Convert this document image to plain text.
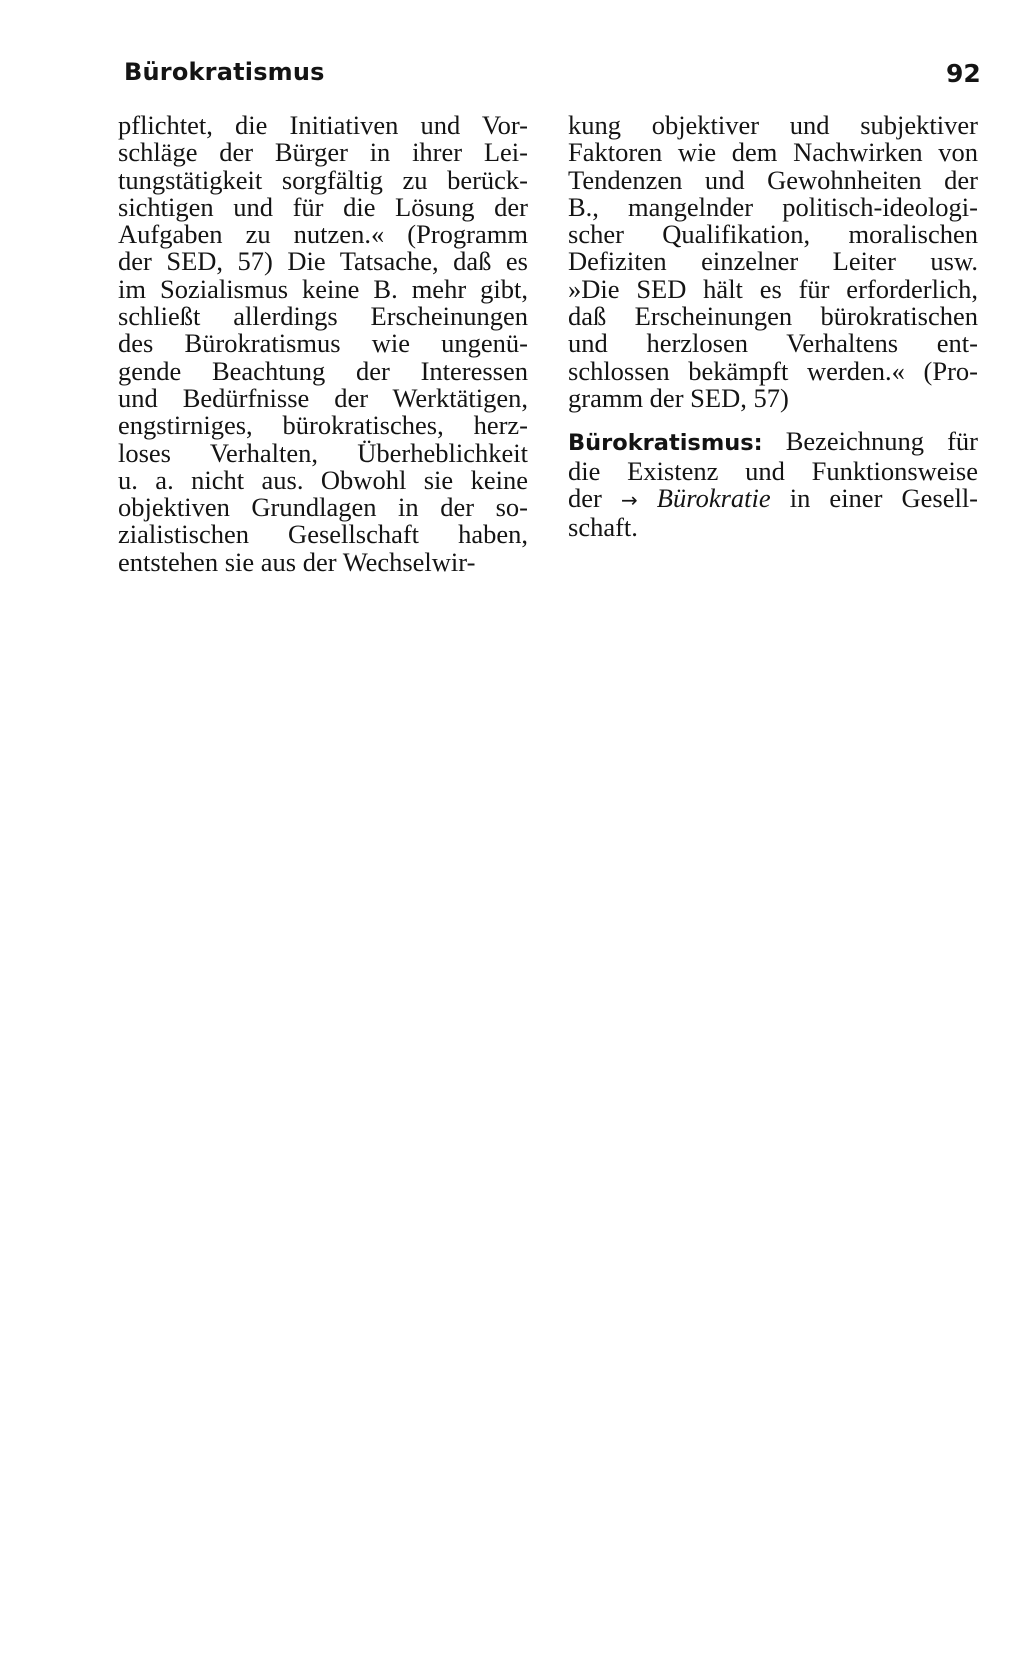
Bürokratismus	92
pflichtet, die Initiativen und Vor-
schläge der Bürger in ihrer Lei-
tungstätigkeit sorgfältig zu berück-
sichtigen und für die Lösung der
Aufgaben zu nutzen.« (Programm
der SED, 57) Die Tatsache, daß es
im Sozialismus keine B. mehr gibt,
schließt allerdings Erscheinungen
des Bürokratismus wie ungenü-
gende Beachtung der Interessen
und Bedürfnisse der Werktätigen,
engstirniges, bürokratisches, herz-
loses Verhalten, Überheblichkeit
u. a. nicht aus. Obwohl sie keine
objektiven Grundlagen in der so-
zialistischen Gesellschaft haben,
entstehen sie aus der Wechselwir-
kung objektiver und subjektiver
Faktoren wie dem Nachwirken von
Tendenzen und Gewohnheiten der
B., mangelnder politisch-ideologi-
scher Qualifikation, moralischen
Defiziten einzelner Leiter usw.
»Die SED hält es für erforderlich,
daß Erscheinungen bürokratischen
und herzlosen Verhaltens ent-
schlossen bekämpft werden.« (Pro-
gramm der SED, 57)
Bürokratismus: Bezeichnung für
die Existenz und Funktionsweise
der → Bürokratie in einer Gesell-
schaft.
